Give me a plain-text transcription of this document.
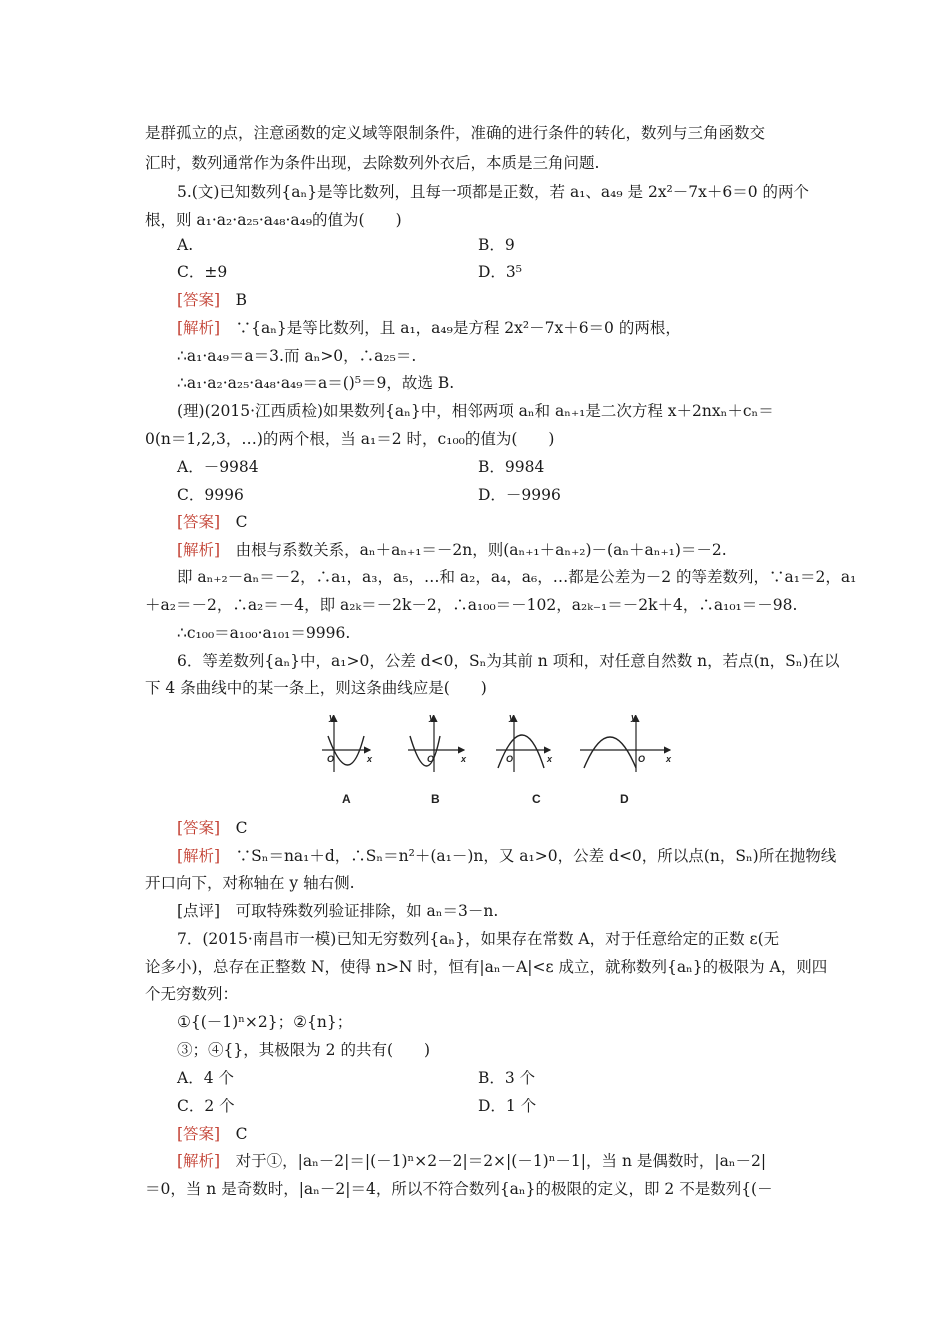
是群孤立的点，注意函数的定义域等限制条件，准确的进行条件的转化，数列与三角函数交
汇时，数列通常作为条件出现，去除数列外衣后，本质是三角问题.
5.(文)已知数列{aₙ}是等比数列，且每一项都是正数，若 a₁、a₄₉ 是 2x²－7x＋6＝0 的两个
根，则 a₁·a₂·a₂₅·a₄₈·a₄₉的值为(　　)
A.	B．9
C．±9	D．3⁵
[答案]　 B
[解析]　 ∵{aₙ}是等比数列，且 a₁，a₄₉是方程 2x²－7x＋6＝0 的两根，
∴a₁·a₄₉＝a＝3.而 aₙ>0，∴a₂₅＝.
∴a₁·a₂·a₂₅·a₄₈·a₄₉＝a＝()⁵＝9，故选 B.
(理)(2015·江西质检)如果数列{aₙ}中，相邻两项 aₙ和 aₙ₊₁是二次方程 x＋2nxₙ＋cₙ＝
0(n＝1,2,3，…)的两个根，当 a₁＝2 时，c₁₀₀的值为(　　)
A．－9984	B．9984
C．9996	D．－9996
[答案]　 C
[解析]　 由根与系数关系，aₙ＋aₙ₊₁＝－2n，则(aₙ₊₁＋aₙ₊₂)－(aₙ＋aₙ₊₁)＝－2.
即 aₙ₊₂－aₙ＝－2，∴a₁，a₃，a₅，…和 a₂，a₄，a₆，…都是公差为－2 的等差数列，∵a₁＝2，a₁
＋a₂＝－2，∴a₂＝－4，即 a₂ₖ＝－2k－2，∴a₁₀₀＝－102，a₂ₖ₋₁＝－2k＋4，∴a₁₀₁＝－98.
∴c₁₀₀＝a₁₀₀·a₁₀₁＝9996.
6．等差数列{aₙ}中，a₁>0，公差 d<0，Sₙ为其前 n 项和，对任意自然数 n，若点(n，Sₙ)在以
下 4 条曲线中的某一条上，则这条曲线应是(　　)
y
x
O
A
y
x
O
B
y
x
O
C
y
x
O
D
[答案]　 C
[解析]　 ∵Sₙ＝na₁＋d，∴Sₙ＝n²＋(a₁－)n，又 a₁>0，公差 d<0，所以点(n，Sₙ)所在抛物线
开口向下，对称轴在 y 轴右侧.
[点评]　 可取特殊数列验证排除，如 aₙ＝3－n.
7．(2015·南昌市一模)已知无穷数列{aₙ}，如果存在常数 A，对于任意给定的正数 ε(无
论多小)，总存在正整数 N，使得 n>N 时，恒有|aₙ－A|<ε 成立，就称数列{aₙ}的极限为 A，则四
个无穷数列：
①{(－1)ⁿ×2}；②{n}；
③；④{}，其极限为 2 的共有(　　)
A．4 个	B．3 个
C．2 个	D．1 个
[答案]　 C
[解析]　 对于①，|aₙ－2|＝|(－1)ⁿ×2－2|＝2×|(－1)ⁿ－1|，当 n 是偶数时，|aₙ－2|
＝0，当 n 是奇数时，|aₙ－2|＝4，所以不符合数列{aₙ}的极限的定义，即 2 不是数列{(－
